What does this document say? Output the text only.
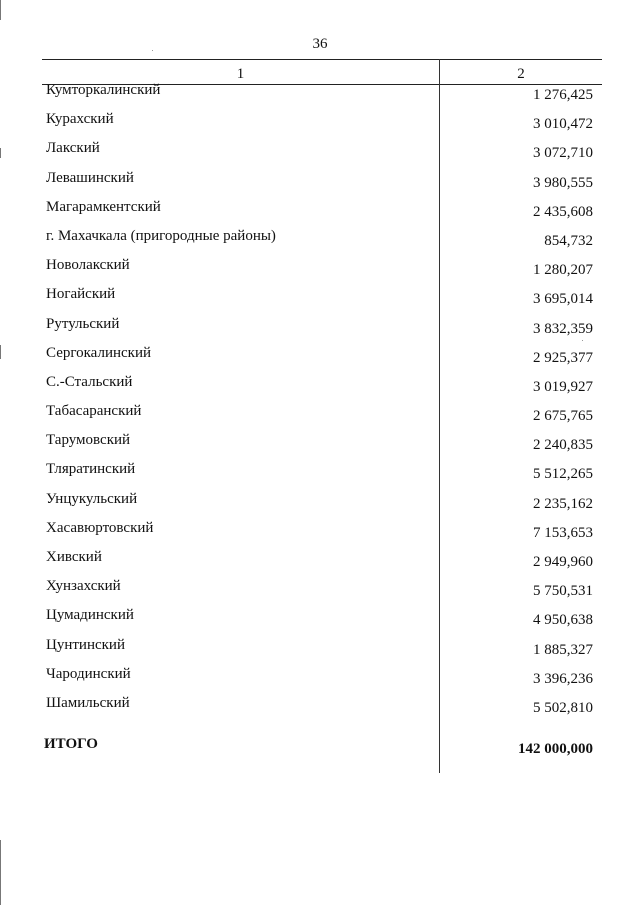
36
1	2
Кумторкалинский	1 276,425
Курахский	3 010,472
Лакский	3 072,710
Левашинский	3 980,555
Магарамкентский	2 435,608
г. Махачкала (пригородные районы)	854,732
Новолакский	1 280,207
Ногайский	3 695,014
Рутульский	3 832,359
Сергокалинский	2 925,377
С.-Стальский	3 019,927
Табасаранский	2 675,765
Тарумовский	2 240,835
Тляратинский	5 512,265
Унцукульский	2 235,162
Хасавюртовский	7 153,653
Хивский	2 949,960
Хунзахский	5 750,531
Цумадинский	4 950,638
Цунтинский	1 885,327
Чародинский	3 396,236
Шамильский	5 502,810
ИТОГО	142 000,000
